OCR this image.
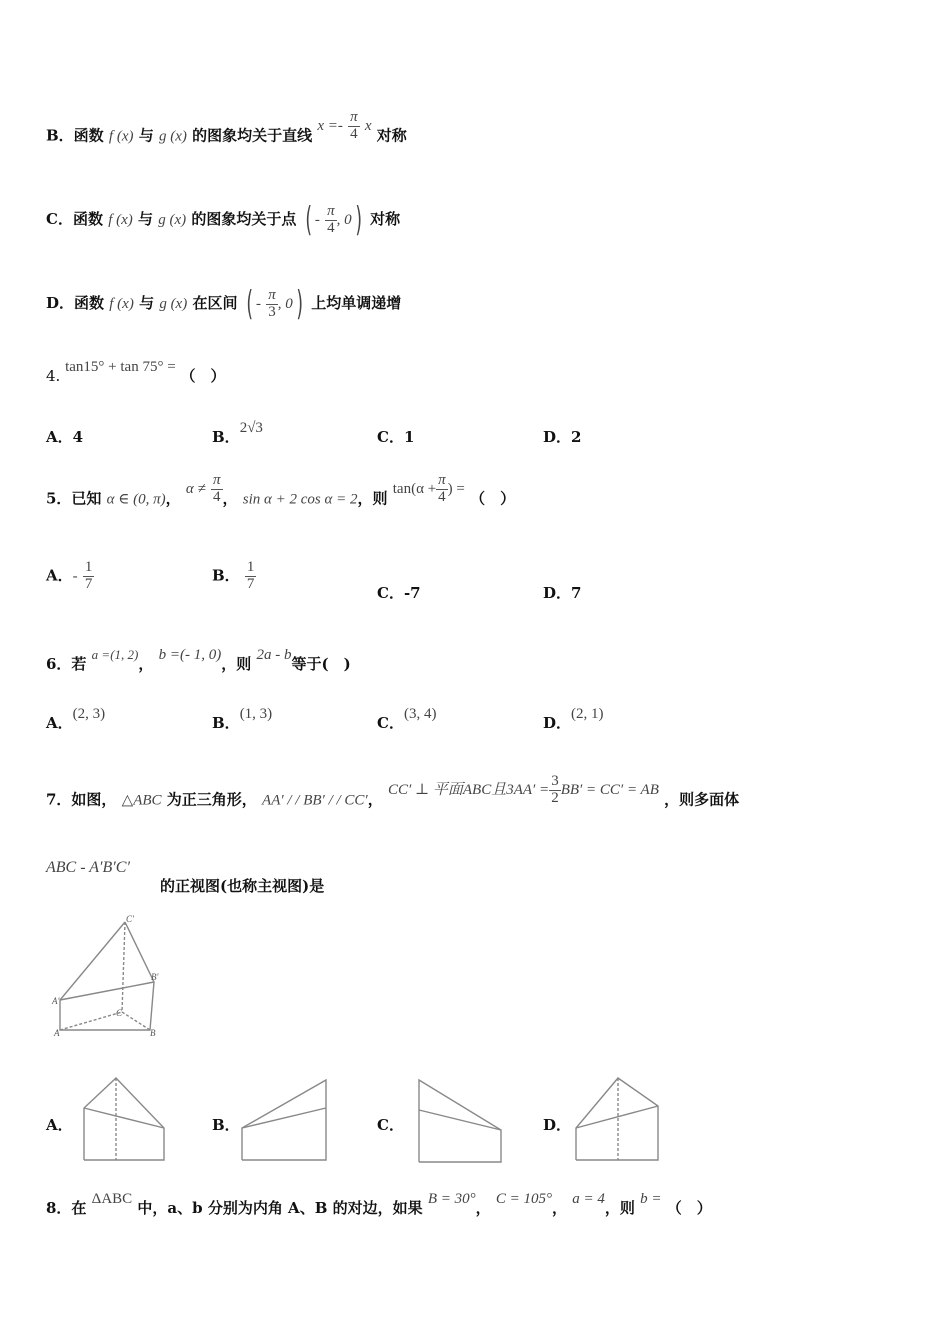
B．函数 f (x) 与 g (x) 的图象均关于直线 $x =- \frac{\pi}{4}$ x 对称
C．函数 f (x) 与 g (x) 的图象均关于点 ( - $\frac{\pi}{4}$ , 0) 对称
D．函数 f (x) 与 g (x) 在区间 ( - $\frac{\pi}{3}$ , 0) 上均单调递增
4. tan15° + tan 75° = （　）
A．4	B．2√3	C．1	D．2
5．已知 α ∈ (0, π)， $\alpha \ne \frac{\pi}{4}$ ， sin α + 2 cos α = 2，则 $\tan(\alpha + \frac{\pi}{4}$ ) = （　）
A．- $\frac{1}{7}$	B． $\frac{1}{7}$
C．-7	D．7
6．若 a =(1, 2)， b =(- 1, 0)，则 2a - b等于(　)
A．(2, 3)	B．(1, 3)	C．(3, 4)	D．(2, 1)
7．如图， △ABC 为正三角形， AA′ / / BB′ / / CC′， CC′ ⊥ 平面ABC且$3AA' = \frac{3}{2} BB' = CC'$ = AB ，则多面体
ABC - A′B′C′
的正视图(也称主视图)是
C'
B'
A'
C
A	B
A．	B．	C．	D．
8．在 ΔABC 中，a、b 分别为内角 A、B 的对边，如果 B = 30°， C = 105°， a = 4，则 b = （　）
